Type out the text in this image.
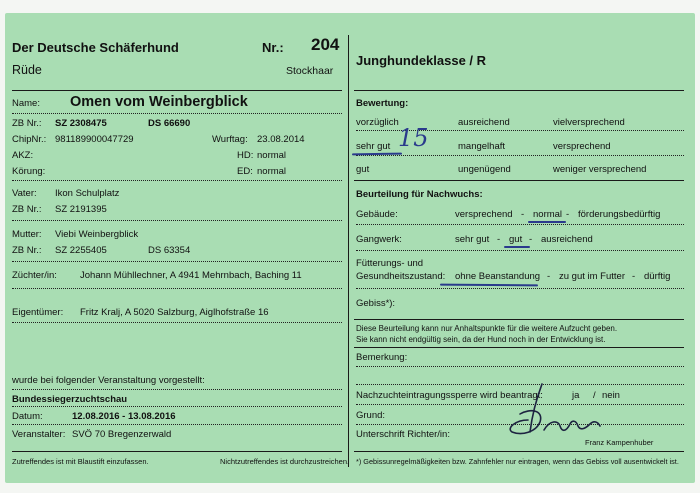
Der Deutsche Schäferhund	Nr.: 204
Rüde	Stockhaar
Name: Omen vom Weinbergblick
ZB Nr.: SZ 2308475	DS 66690
ChipNr.: 981189900047729	Wurftag: 23.08.2014
AKZ:	HD: normal
Körung:	ED: normal
Vater: Ikon Schulplatz
ZB Nr.: SZ 2191395
Mutter: Viebi Weinbergblick
ZB Nr.: SZ 2255405	DS 63354
Züchter/in: Johann Mühllechner, A 4941 Mehrnbach, Baching 11
Eigentümer: Fritz Kralj, A 5020 Salzburg, Aiglhofstraße 16
wurde bei folgender Veranstaltung vorgestellt:
Bundessiegerzuchtschau
Datum:	12.08.2016 - 13.08.2016
Veranstalter: SVÖ 70 Bregenzerwald
Zutreffendes ist mit Blaustift einzufassen.	Nichtzutreffendes ist durchzustreichen.
Junghundeklasse / R
Bewertung:
vorzüglich	ausreichend	vielversprechend
sehr gut	mangelhaft	versprechend
gut	ungenügend	weniger versprechend
15
Beurteilung für Nachwuchs:
Gebäude:	versprechend - normal - förderungsbedürftig
Gangwerk:	sehr gut - gut - ausreichend
Fütterungs- und
Gesundheitszustand: ohne Beanstandung - zu gut im Futter - dürftig
Gebiss*):
Diese Beurteilung kann nur Anhaltspunkte für die weitere Aufzucht geben.
Sie kann nicht endgültig sein, da der Hund noch in der Entwicklung ist.
Bemerkung:
Nachzuchteintragungssperre wird beantragt:	ja / nein
Grund:
Unterschrift Richter/in:
Franz Kampenhuber
*) Gebissunregelmäßigkeiten bzw. Zahnfehler nur eintragen, wenn das Gebiss voll ausentwickelt ist.
